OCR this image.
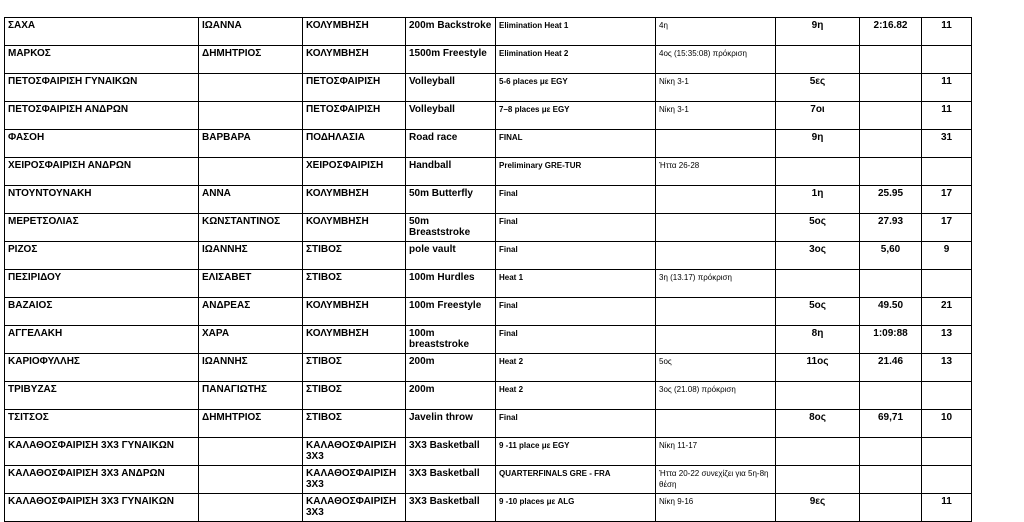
ΣΑΧΑ	ΙΩΑΝΝΑ	ΚΟΛΥΜΒΗΣΗ	200m Backstroke	Elimination Heat 1	4η	9η	2:16.82	11
ΜΑΡΚΟΣ	ΔΗΜΗΤΡΙΟΣ	ΚΟΛΥΜΒΗΣΗ	1500m Freestyle	Elimination Heat 2	4ος (15:35:08) πρόκριση			
ΠΕΤΟΣΦΑΙΡΙΣΗ ΓΥΝΑΙΚΩΝ		ΠΕΤΟΣΦΑΙΡΙΣΗ	Volleyball	5-6 places με EGY	Νίκη 3-1	5ες		11
ΠΕΤΟΣΦΑΙΡΙΣΗ ΑΝΔΡΩΝ		ΠΕΤΟΣΦΑΙΡΙΣΗ	Volleyball	7–8 places με EGY	Νίκη 3-1	7οι		11
ΦΑΣΟΗ	ΒΑΡΒΑΡΑ	ΠΟΔΗΛΑΣΙΑ	Road race	FINAL		9η		31
ΧΕΙΡΟΣΦΑΙΡΙΣΗ ΑΝΔΡΩΝ		ΧΕΙΡΟΣΦΑΙΡΙΣΗ	Handball	Preliminary GRE-TUR	Ήττα 26-28			
ΝΤΟΥΝΤΟΥΝΑΚΗ	ΑΝΝΑ	ΚΟΛΥΜΒΗΣΗ	50m Butterfly	Final		1η	25.95	17
ΜΕΡΕΤΣΟΛΙΑΣ	ΚΩΝΣΤΑΝΤΙΝΟΣ	ΚΟΛΥΜΒΗΣΗ	50m Breaststroke	Final		5ος	27.93	17
ΡΙΖΟΣ	ΙΩΑΝΝΗΣ	ΣΤΙΒΟΣ	pole vault	Final		3ος	5,60	9
ΠΕΣΙΡΙΔΟΥ	ΕΛΙΣΑΒΕΤ	ΣΤΙΒΟΣ	100m Hurdles	Heat 1	3η (13.17) πρόκριση			
ΒΑΖΑΙΟΣ	ΑΝΔΡΕΑΣ	ΚΟΛΥΜΒΗΣΗ	100m Freestyle	Final		5ος	49.50	21
ΑΓΓΕΛΑΚΗ	ΧΑΡΑ	ΚΟΛΥΜΒΗΣΗ	100m breaststroke	Final		8η	1:09:88	13
ΚΑΡΙΟΦΥΛΛΗΣ	ΙΩΑΝΝΗΣ	ΣΤΙΒΟΣ	200m	Heat 2	5ος	11ος	21.46	13
ΤΡΙΒΥΖΑΣ	ΠΑΝΑΓΙΩΤΗΣ	ΣΤΙΒΟΣ	200m	Heat 2	3ος (21.08) πρόκριση			
ΤΣΙΤΣΟΣ	ΔΗΜΗΤΡΙΟΣ	ΣΤΙΒΟΣ	Javelin throw	Final		8ος	69,71	10
ΚΑΛΑΘΟΣΦΑΙΡΙΣΗ 3Χ3 ΓΥΝΑΙΚΩΝ		ΚΑΛΑΘΟΣΦΑΙΡΙΣΗ 3Χ3	3X3 Basketball	9 -11 place με EGY	Νίκη 11-17			
ΚΑΛΑΘΟΣΦΑΙΡΙΣΗ 3Χ3 ΑΝΔΡΩΝ		ΚΑΛΑΘΟΣΦΑΙΡΙΣΗ 3Χ3	3X3 Basketball	QUARTERFINALS GRE - FRA	Ήττα 20-22 συνεχίζει για 5η-8η θέση			
ΚΑΛΑΘΟΣΦΑΙΡΙΣΗ 3Χ3 ΓΥΝΑΙΚΩΝ		ΚΑΛΑΘΟΣΦΑΙΡΙΣΗ 3Χ3	3X3 Basketball	9 -10 places με ALG	Νίκη 9-16	9ες		11
